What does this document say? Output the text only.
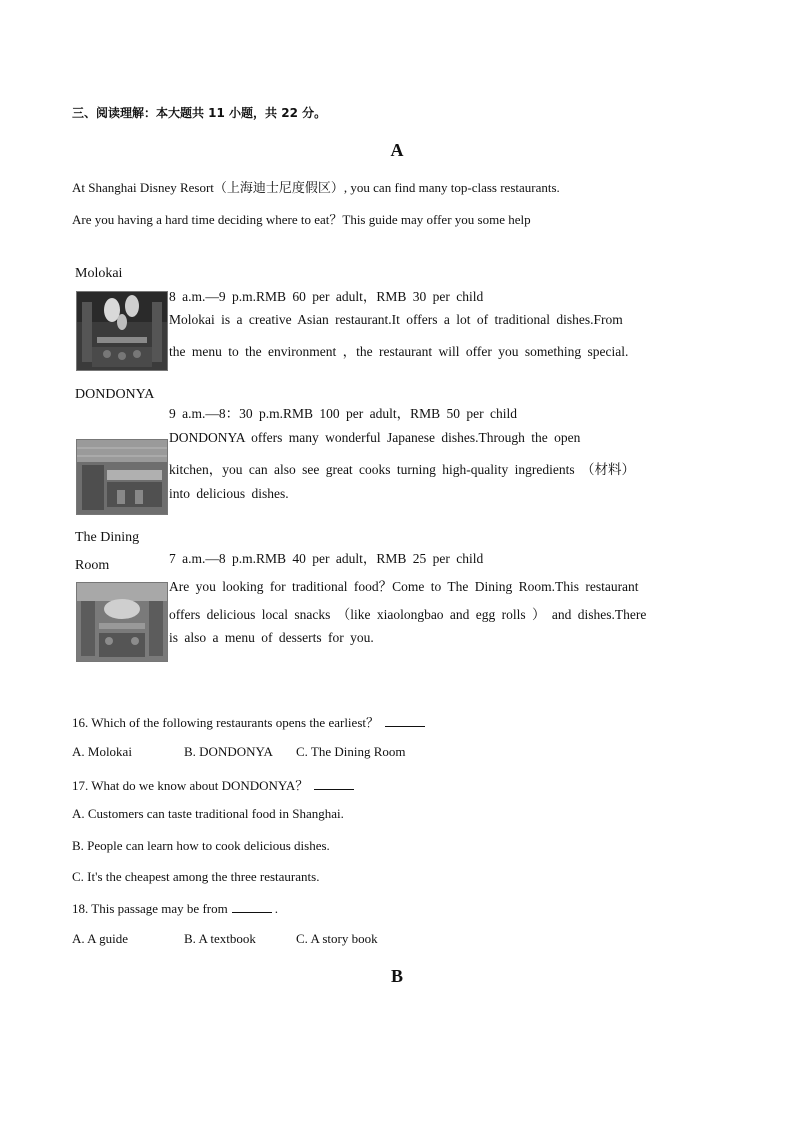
三、阅读理解：本大题共 11 小题，共 22 分。
A
At Shanghai Disney Resort（上海迪士尼度假区）, you can find many top-class restaurants.
Are you having a hard time deciding where to eat？This guide may offer you some help
Molokai
8 a.m.—9 p.m.RMB 60 per adult，RMB 30 per child
Molokai is a creative Asian restaurant.It offers a lot of traditional dishes.From
the menu to the environment ，the restaurant will offer you something special.
DONDONYA
9 a.m.—8：30 p.m.RMB 100 per adult，RMB 50 per child
DONDONYA offers many wonderful Japanese dishes.Through the open
kitchen，you can also see great cooks turning high-quality ingredients （材料）
into delicious dishes.
The Dining Room	7 a.m.—8 p.m.RMB 40 per adult，RMB 25 per child
Are you looking for traditional food？Come to The Dining Room.This restaurant
offers delicious local snacks （like xiaolongbao and egg rolls ） and dishes.There
is also a menu of desserts for you.
16. Which of the following restaurants opens the earliest？
A. Molokai	B. DONDONYA C. The Dining Room
17. What do we know about DONDONYA？
A. Customers can taste traditional food in Shanghai.
B. People can learn how to cook delicious dishes.
C. It's the cheapest among the three restaurants.
18. This passage may be from	.
A. A guide	B. A textbook	C. A story book
B
